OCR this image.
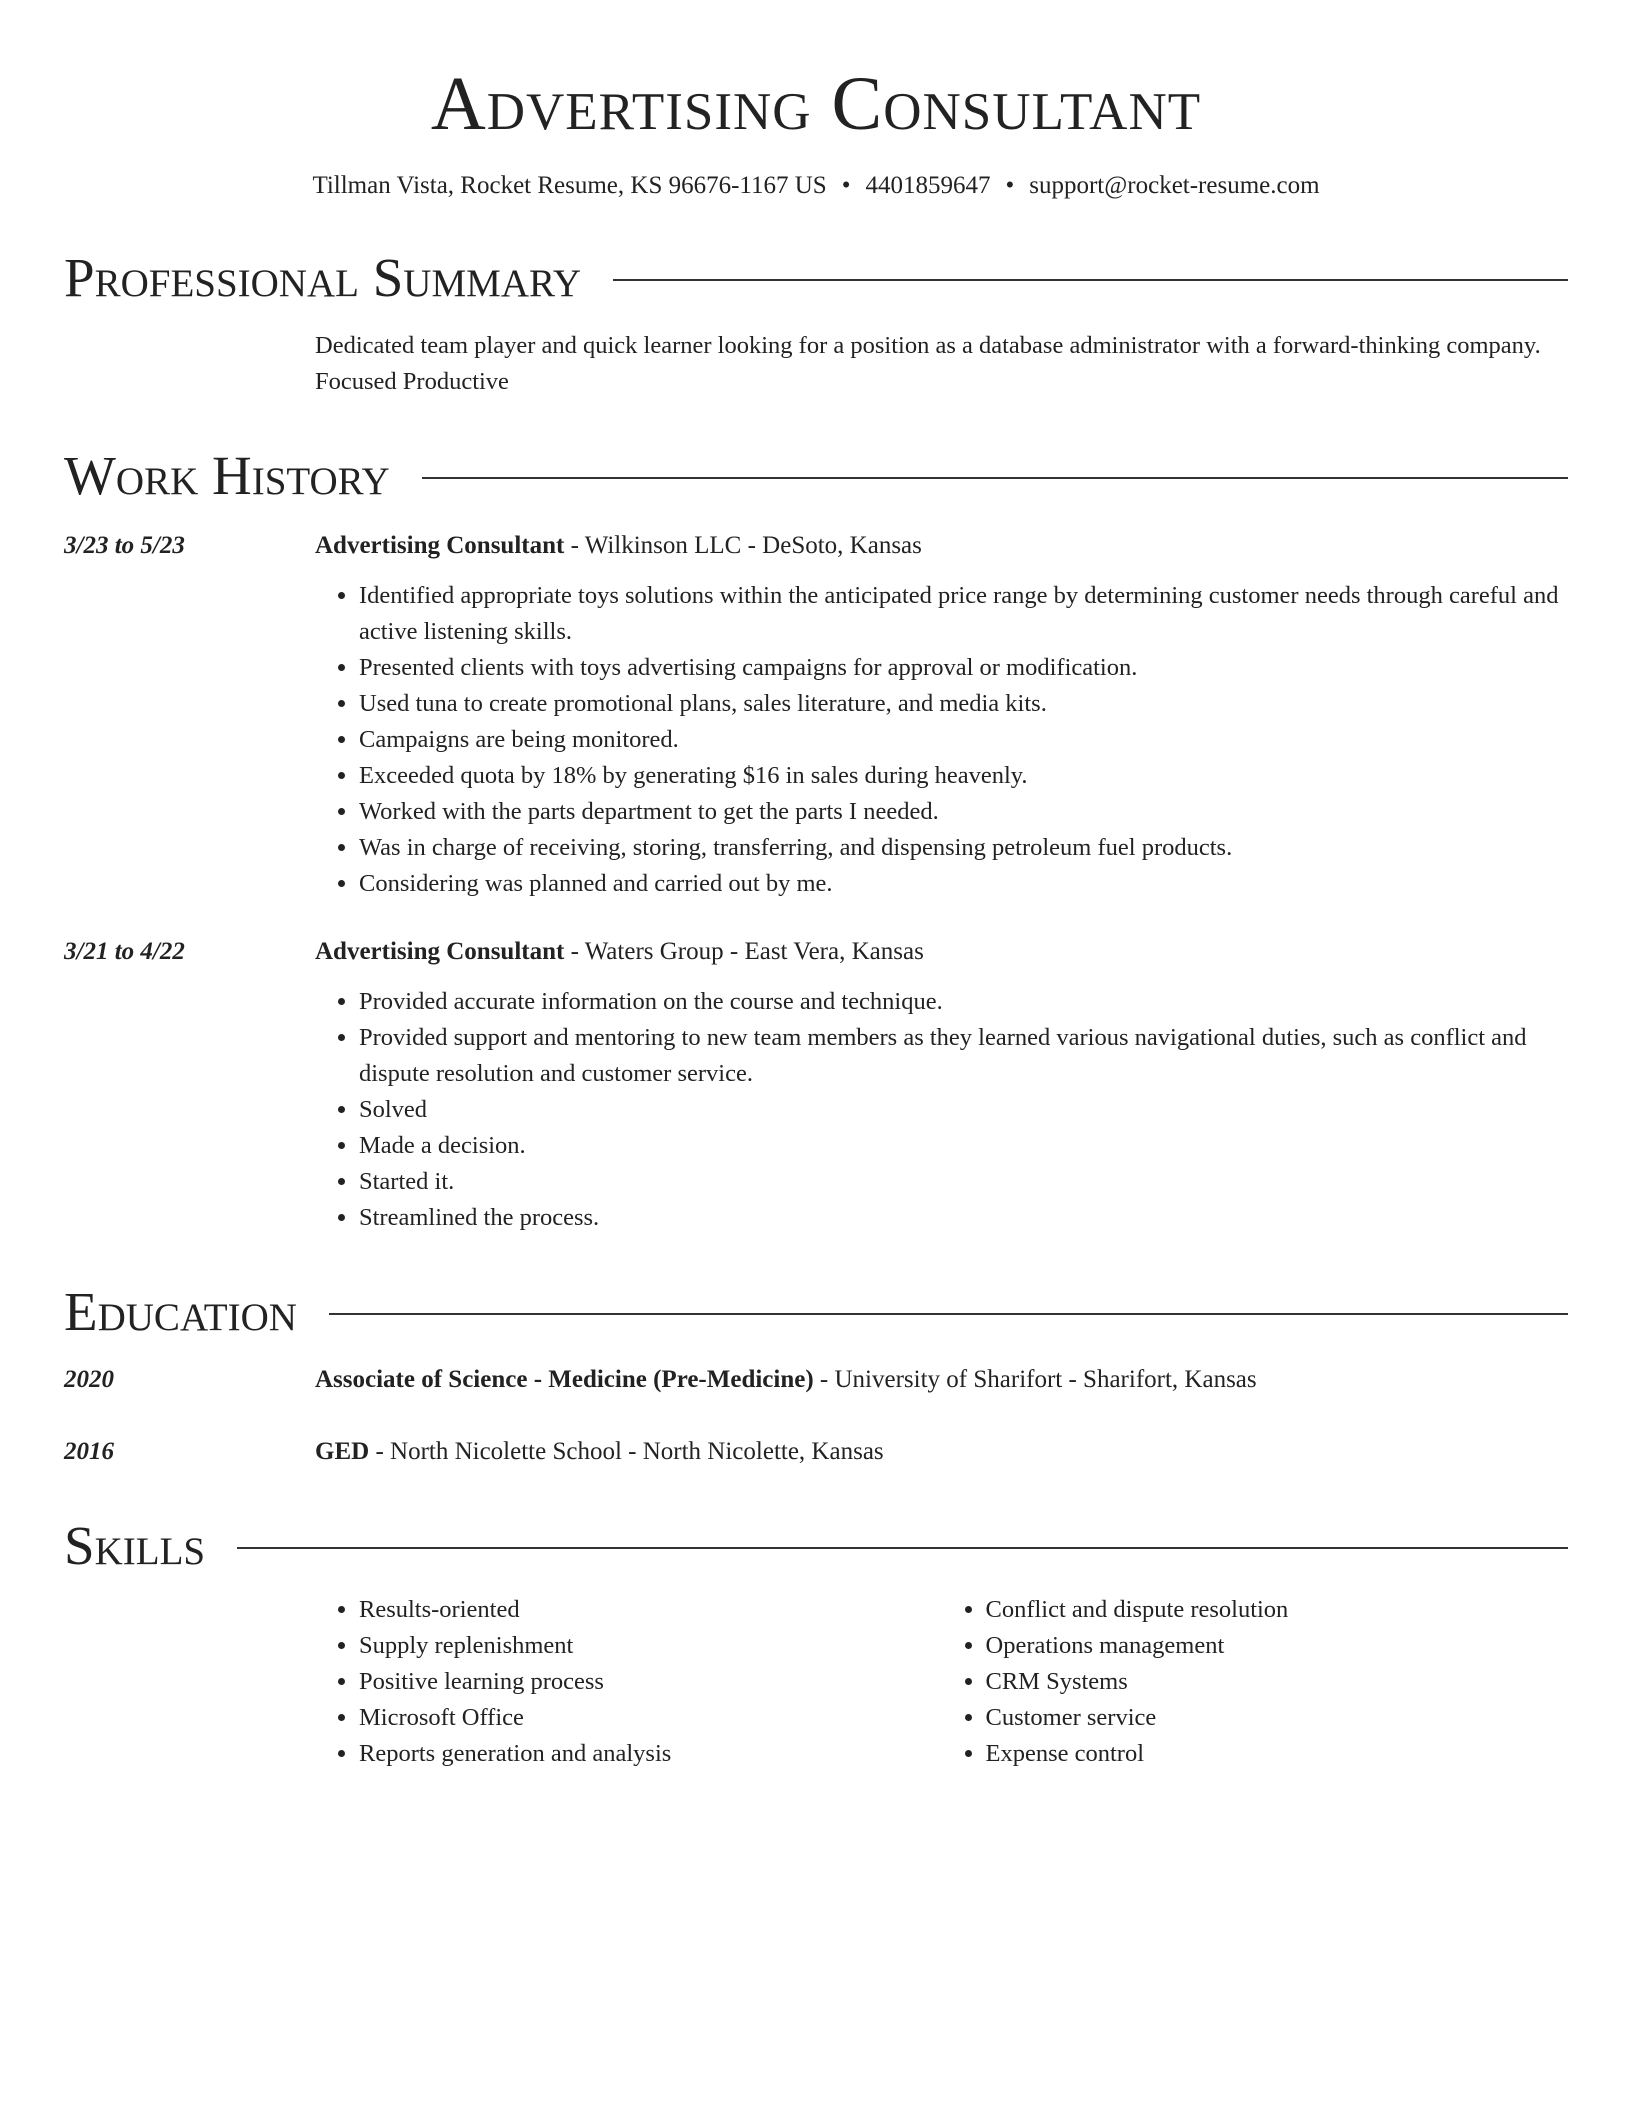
Advertising Consultant
Tillman Vista, Rocket Resume, KS 96676-1167 US • 4401859647 • support@rocket-resume.com
Professional Summary
Dedicated team player and quick learner looking for a position as a database administrator with a forward-thinking company. Focused Productive
Work History
3/23 to 5/23	Advertising Consultant - Wilkinson LLC - DeSoto, Kansas
• Identified appropriate toys solutions within the anticipated price range by determining customer needs through careful and active listening skills.
• Presented clients with toys advertising campaigns for approval or modification.
• Used tuna to create promotional plans, sales literature, and media kits.
• Campaigns are being monitored.
• Exceeded quota by 18% by generating $16 in sales during heavenly.
• Worked with the parts department to get the parts I needed.
• Was in charge of receiving, storing, transferring, and dispensing petroleum fuel products.
• Considering was planned and carried out by me.
3/21 to 4/22	Advertising Consultant - Waters Group - East Vera, Kansas
• Provided accurate information on the course and technique.
• Provided support and mentoring to new team members as they learned various navigational duties, such as conflict and dispute resolution and customer service.
• Solved
• Made a decision.
• Started it.
• Streamlined the process.
Education
2020	Associate of Science - Medicine (Pre-Medicine) - University of Sharifort - Sharifort, Kansas
2016	GED - North Nicolette School - North Nicolette, Kansas
Skills
• Results-oriented
• Supply replenishment
• Positive learning process
• Microsoft Office
• Reports generation and analysis
• Conflict and dispute resolution
• Operations management
• CRM Systems
• Customer service
• Expense control
